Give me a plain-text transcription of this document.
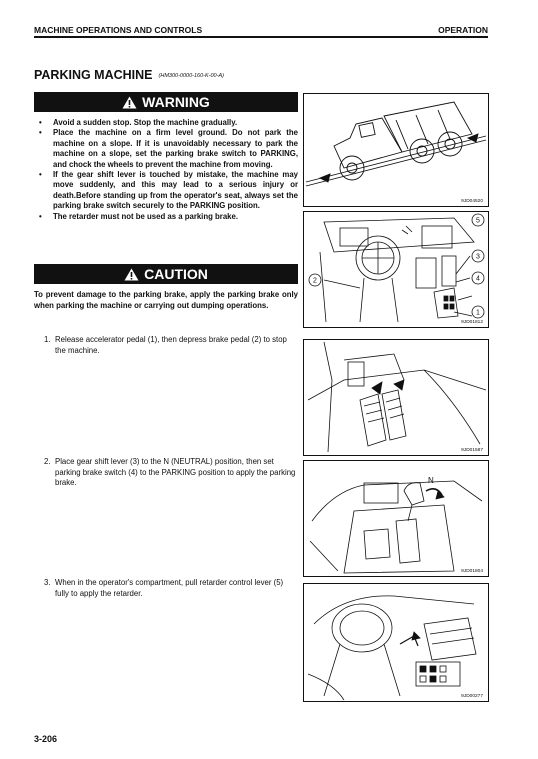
MACHINE OPERATIONS AND CONTROLS	OPERATION
PARKING MACHINE (HM300-0000-160-K-00-A)
WARNING
• Avoid a sudden stop. Stop the machine gradually.
• Place the machine on a firm level ground. Do not park the machine on a slope. If it is unavoidably necessary to park the machine on a slope, set the parking brake switch to PARKING, and chock the wheels to prevent the machine from moving.
• If the gear shift lever is touched by mistake, the machine may move suddenly, and this may lead to a serious injury or death.Before standing up from the operator's seat, always set the parking brake switch securely to the PARKING position.
• The retarder must not be used as a parking brake.
CAUTION

To prevent damage to the parking brake, apply the parking brake only when parking the machine or carrying out dumping operations.

1. Release accelerator pedal (1), then depress brake pedal (2) to stop the machine.

2. Place gear shift lever (3) to the N (NEUTRAL) position, then set parking brake switch (4) to the PARKING position to apply the parking brake.

3. When in the operator's compartment, pull retarder control lever (5) fully to apply the retarder.

9JD04520
5
3
4
1
2
9JD01812
9JD01587
N
9JD01804
9JD00277
3-206
